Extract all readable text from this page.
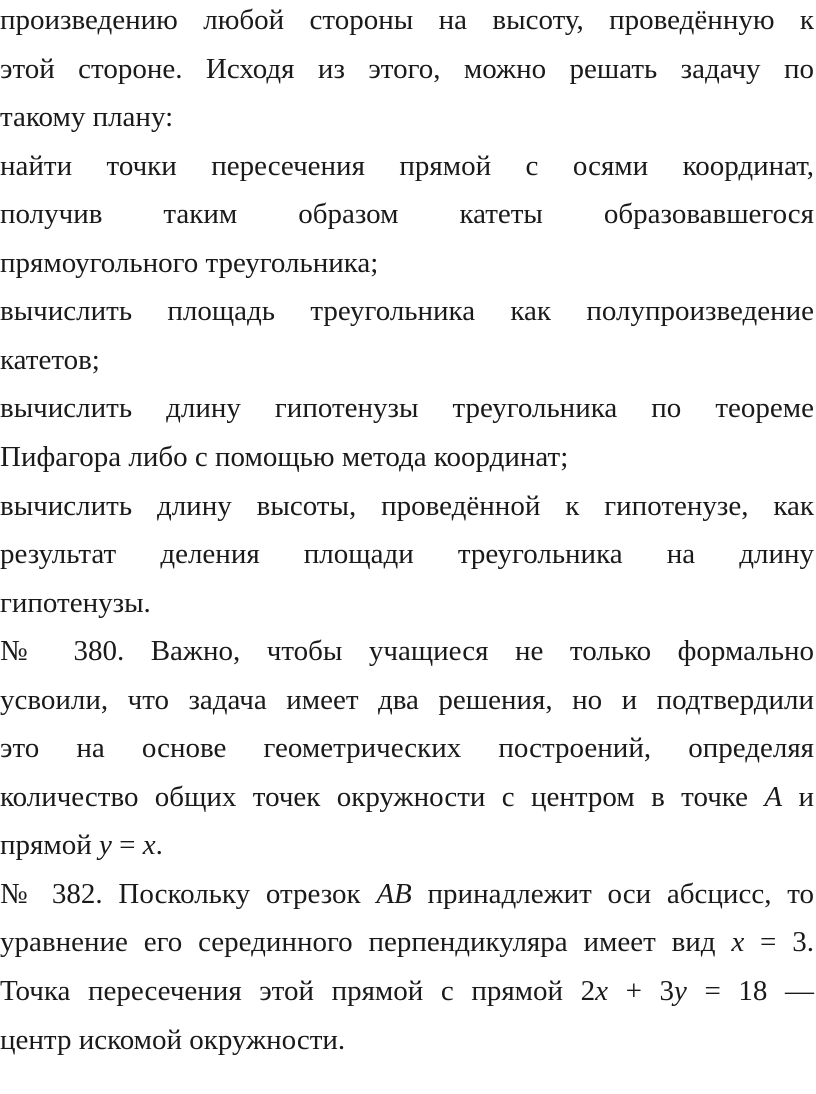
произведению любой стороны на высоту, проведённую к
этой стороне. Исходя из этого, можно решать задачу по
такому плану:
найти точки пересечения прямой с осями координат,
получив таким образом катеты образовавшегося
прямоугольного треугольника;
вычислить площадь треугольника как полупроизведение
катетов;
вычислить длину гипотенузы треугольника по теореме
Пифагора либо с помощью метода координат;
вычислить длину высоты, проведённой к гипотенузе, как
результат деления площади треугольника на длину
гипотенузы.
№ 380. Важно, чтобы учащиеся не только формально
усвоили, что задача имеет два решения, но и подтвердили
это на основе геометрических построений, определяя
количество общих точек окружности с центром в точке A и
прямой y = x.
№ 382. Поскольку отрезок AB принадлежит оси абсцисс, то
уравнение его серединного перпендикуляра имеет вид x = 3.
Точка пересечения этой прямой с прямой 2x + 3y = 18 —
центр искомой окружности.
